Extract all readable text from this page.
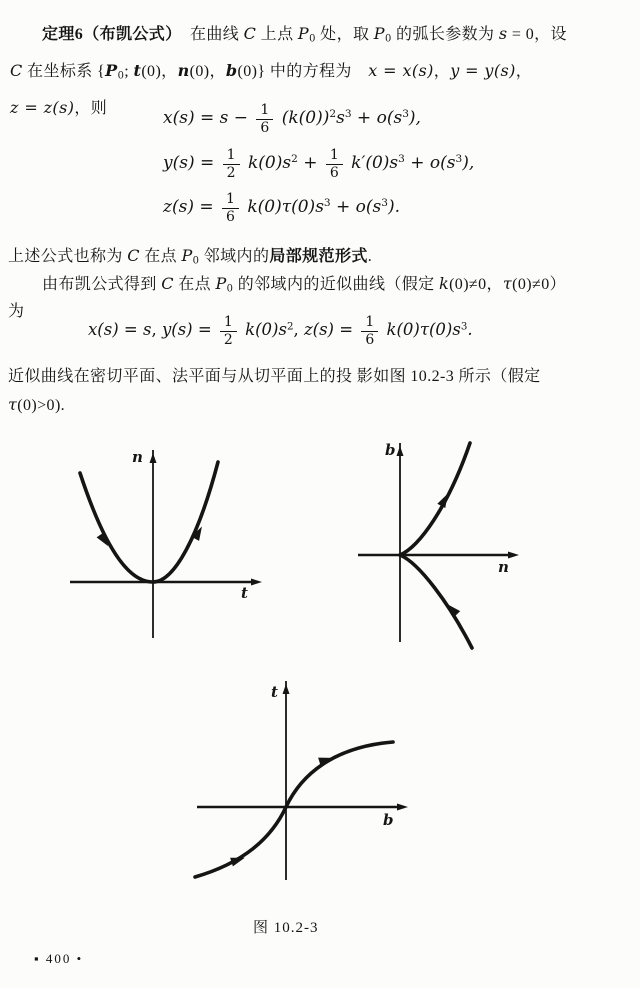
定理6（布凯公式）　在曲线 C 上点 P0 处，取 P0 的弧长参数为 s = 0，设
C 在坐标系 {P0; t(0)，n(0)，b(0)} 中的方程为　x = x(s)，y = y(s)，
z = z(s)，则	$x(s) = s - \frac{1}{6} (k(0))^2s^3 + o(s^3)$,
$y(s) = \frac{1}{2} k(0)s^2 + \frac{1}{6} k'(0)s^3 + o(s^3)$,
$z(s) = \frac{1}{6} k(0)\tau(0)s^3 + o(s^3)$.
上述公式也称为 C 在点 P0 邻域内的局部规范形式.
由布凯公式得到 C 在点 P0 的邻域内的近似曲线（假定 k(0)≠0，τ(0)≠0）
为
x(s) = s, $y(s) = \frac{1}{2} k(0)s^2$, $z(s) = \frac{1}{6} k(0)\tau(0)s^3$.
近似曲线在密切平面、法平面与从切平面上的投 影如图 10.2-3 所示（假定
τ(0)>0).
n
t
b
n
t
b
图 10.2-3
▪ 400 •
